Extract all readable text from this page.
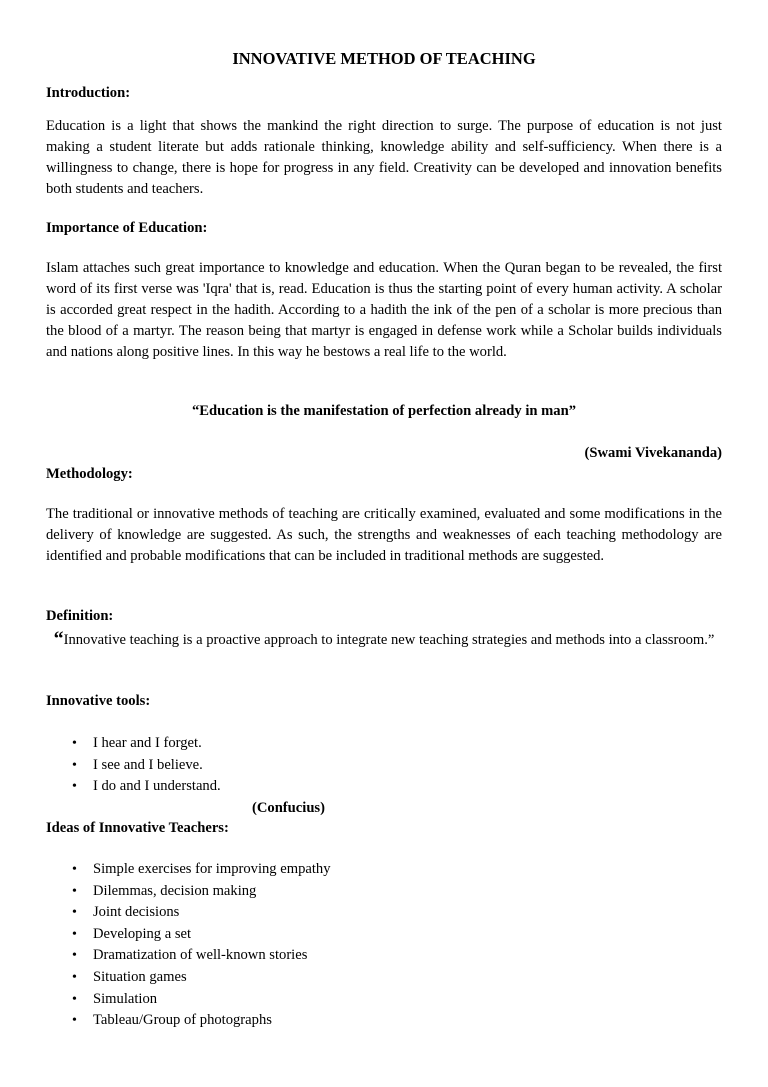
INNOVATIVE METHOD OF TEACHING
Introduction:
Education is a light that shows the mankind the right direction to surge. The purpose of education is not just making a student literate but adds rationale thinking, knowledge ability and self-sufficiency. When there is a willingness to change, there is hope for progress in any field. Creativity can be developed and innovation benefits both students and teachers.
Importance of Education:
Islam attaches such great importance to knowledge and education. When the Quran began to be revealed, the first word of its first verse was 'Iqra' that is, read. Education is thus the starting point of every human activity. A scholar is accorded great respect in the hadith. According to a hadith the ink of the pen of a scholar is more precious than the blood of a martyr. The reason being that martyr is engaged in defense work while a Scholar builds individuals and nations along positive lines. In this way he bestows a real life to the world.
“Education is the manifestation of perfection already in man”
(Swami Vivekananda)
Methodology:
The traditional or innovative methods of teaching are critically examined, evaluated and some modifications in the delivery of knowledge are suggested. As such, the strengths and weaknesses of each teaching methodology are identified and probable modifications that can be included in traditional methods are suggested.
Definition:
“Innovative teaching is a proactive approach to integrate new teaching strategies and methods into a classroom.”
Innovative tools:
• I hear and I forget.
• I see and I believe.
• I do and I understand.
(Confucius)
Ideas of Innovative Teachers:
• Simple exercises for improving empathy
• Dilemmas, decision making
• Joint decisions
• Developing a set
• Dramatization of well-known stories
• Situation games
• Simulation
• Tableau/Group of photographs
